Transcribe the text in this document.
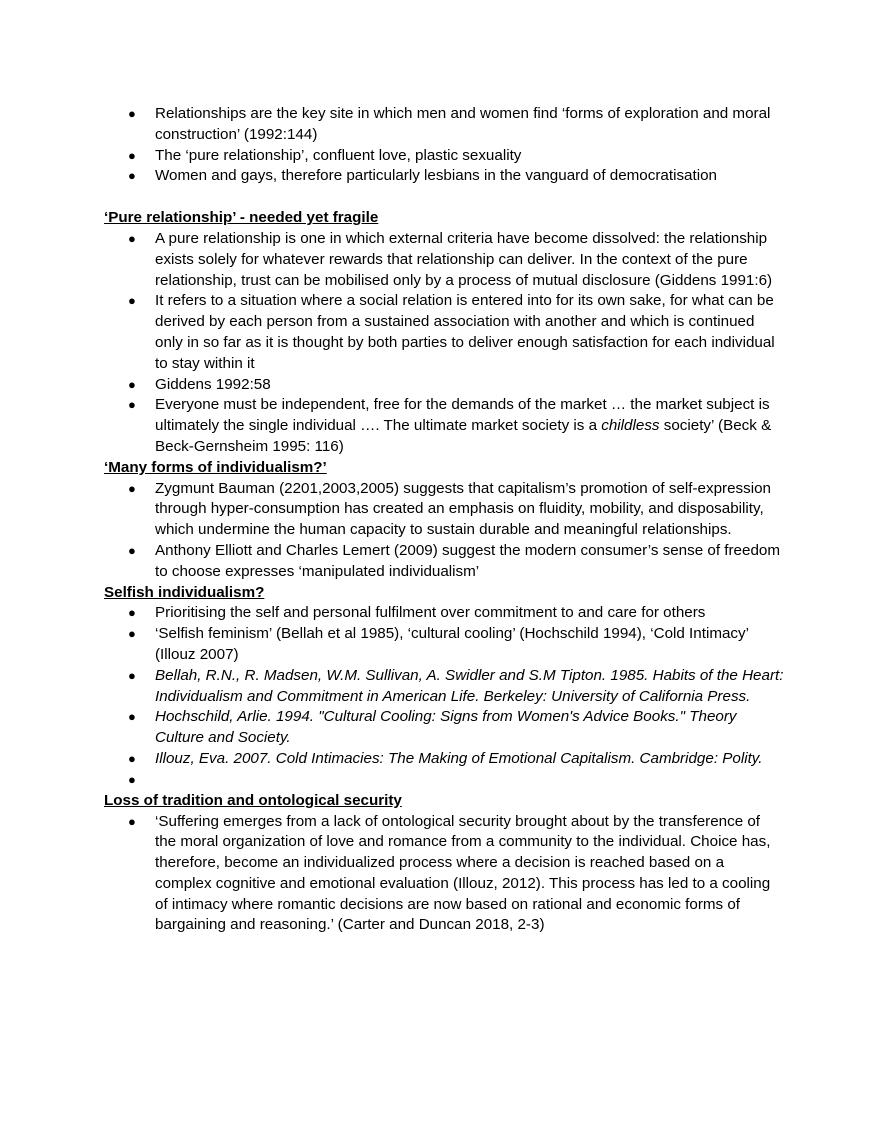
● Relationships are the key site in which men and women find ‘forms of exploration and moral construction’ (1992:144)
● The ‘pure relationship’, confluent love, plastic sexuality
● Women and gays, therefore particularly lesbians in the vanguard of democratisation

‘Pure relationship’ - needed yet fragile

● A pure relationship is one in which external criteria have become dissolved: the relationship exists solely for whatever rewards that relationship can deliver. In the context of the pure relationship, trust can be mobilised only by a process of mutual disclosure (Giddens 1991:6)
● It refers to a situation where a social relation is entered into for its own sake, for what can be derived by each person from a sustained association with another and which is continued only in so far as it is thought by both parties to deliver enough satisfaction for each individual to stay within it
● Giddens 1992:58
● Everyone must be independent, free for the demands of the market … the market subject is ultimately the single individual …. The ultimate market society is a childless society’ (Beck & Beck-Gernsheim 1995: 116)

‘Many forms of individualism?’

● Zygmunt Bauman (2201,2003,2005) suggests that capitalism’s promotion of self-expression through hyper-consumption has created an emphasis on fluidity, mobility, and disposability, which undermine the human capacity to sustain durable and meaningful relationships.
● Anthony Elliott and Charles Lemert (2009) suggest the modern consumer’s sense of freedom to choose expresses ‘manipulated individualism’

Selfish individualism?

● Prioritising the self and personal fulfilment over commitment to and care for others
● ‘Selfish feminism’ (Bellah et al 1985), ‘cultural cooling’ (Hochschild 1994), ‘Cold Intimacy’ (Illouz 2007)
● Bellah, R.N., R. Madsen, W.M. Sullivan, A. Swidler and S.M Tipton. 1985. Habits of the Heart: Individualism and Commitment in American Life. Berkeley: University of California Press.
● Hochschild, Arlie. 1994. "Cultural Cooling: Signs from Women's Advice Books." Theory Culture and Society.
● Illouz, Eva. 2007. Cold Intimacies: The Making of Emotional Capitalism. Cambridge: Polity.
●

Loss of tradition and ontological security

● ‘Suffering emerges from a lack of ontological security brought about by the transference of the moral organization of love and romance from a community to the individual. Choice has, therefore, become an individualized process where a decision is reached based on a complex cognitive and emotional evaluation (Illouz, 2012). This process has led to a cooling of intimacy where romantic decisions are now based on rational and economic forms of bargaining and reasoning.’ (Carter and Duncan 2018, 2-3)
